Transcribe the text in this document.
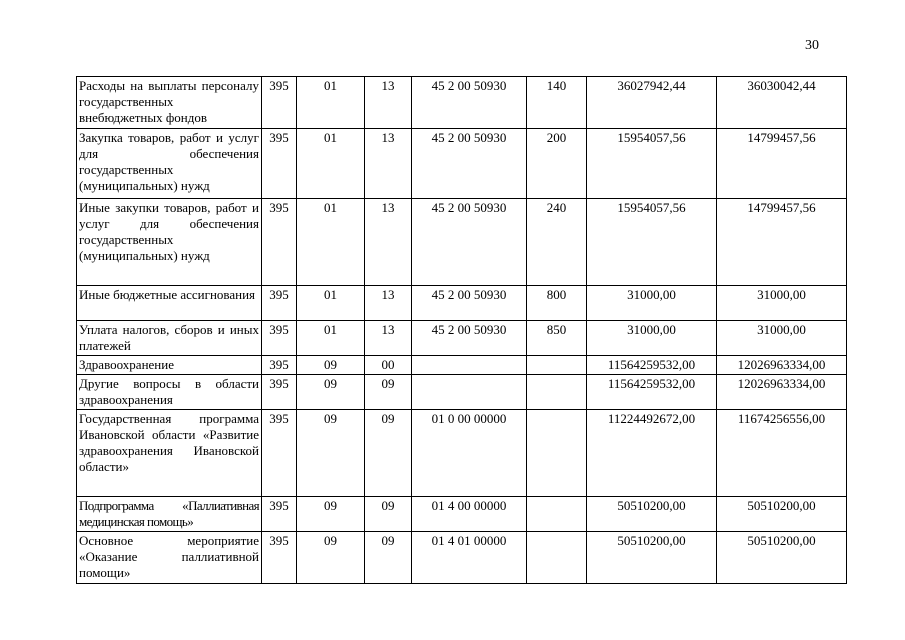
30
Расходы на выплаты персоналу государственных внебюджетных фондов	395	01	13	45 2 00 50930	140	36027942,44	36030042,44
Закупка товаров, работ и услуг для обеспечения государственных (муниципальных) нужд	395	01	13	45 2 00 50930	200	15954057,56	14799457,56
Иные закупки товаров, работ и услуг для обеспечения государственных (муниципальных) нужд	395	01	13	45 2 00 50930	240	15954057,56	14799457,56
Иные бюджетные ассигнования	395	01	13	45 2 00 50930	800	31000,00	31000,00
Уплата налогов, сборов и иных платежей	395	01	13	45 2 00 50930	850	31000,00	31000,00
Здравоохранение	395	09	00			11564259532,00	12026963334,00
Другие вопросы в области здравоохранения	395	09	09			11564259532,00	12026963334,00
Государственная программа Ивановской области «Развитие здравоохранения Ивановской области»	395	09	09	01 0 00 00000		11224492672,00	11674256556,00
Подпрограмма «Паллиативная медицинская помощь»	395	09	09	01 4 00 00000		50510200,00	50510200,00
Основное мероприятие «Оказание паллиативной помощи»	395	09	09	01 4 01 00000		50510200,00	50510200,00
